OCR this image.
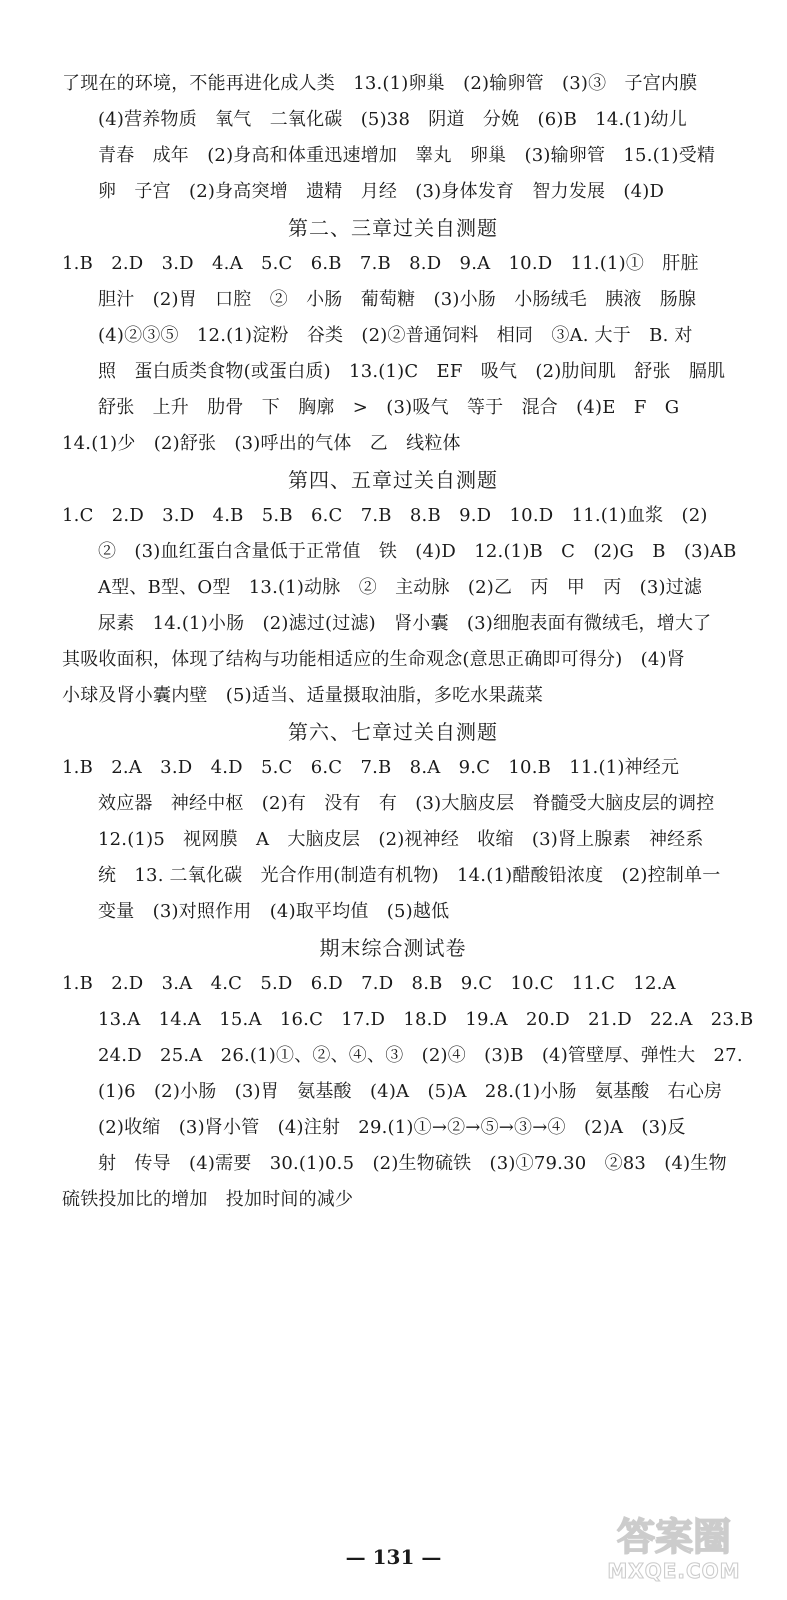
了现在的环境，不能再进化成人类　13.(1)卵巢　(2)输卵管　(3)③　子宫内膜
(4)营养物质　氧气　二氧化碳　(5)38　阴道　分娩　(6)B　14.(1)幼儿
青春　成年　(2)身高和体重迅速增加　睾丸　卵巢　(3)输卵管　15.(1)受精
卵　子宫　(2)身高突增　遗精　月经　(3)身体发育　智力发展　(4)D
第二、三章过关自测题
1.B　2.D　3.D　4.A　5.C　6.B　7.B　8.D　9.A　10.D　11.(1)①　肝脏
胆汁　(2)胃　口腔　②　小肠　葡萄糖　(3)小肠　小肠绒毛　胰液　肠腺
(4)②③⑤　12.(1)淀粉　谷类　(2)②普通饲料　相同　③A. 大于　B. 对
照　蛋白质类食物(或蛋白质)　13.(1)C　EF　吸气　(2)肋间肌　舒张　膈肌
舒张　上升　肋骨　下　胸廓　>　(3)吸气　等于　混合　(4)E　F　G
14.(1)少　(2)舒张　(3)呼出的气体　乙　线粒体
第四、五章过关自测题
1.C　2.D　3.D　4.B　5.B　6.C　7.B　8.B　9.D　10.D　11.(1)血浆　(2)
②　(3)血红蛋白含量低于正常值　铁　(4)D　12.(1)B　C　(2)G　B　(3)AB
A型、B型、O型　13.(1)动脉　②　主动脉　(2)乙　丙　甲　丙　(3)过滤
尿素　14.(1)小肠　(2)滤过(过滤)　肾小囊　(3)细胞表面有微绒毛，增大了
其吸收面积，体现了结构与功能相适应的生命观念(意思正确即可得分)　(4)肾
小球及肾小囊内壁　(5)适当、适量摄取油脂，多吃水果蔬菜
第六、七章过关自测题
1.B　2.A　3.D　4.D　5.C　6.C　7.B　8.A　9.C　10.B　11.(1)神经元
效应器　神经中枢　(2)有　没有　有　(3)大脑皮层　脊髓受大脑皮层的调控
12.(1)5　视网膜　A　大脑皮层　(2)视神经　收缩　(3)肾上腺素　神经系
统　13. 二氧化碳　光合作用(制造有机物)　14.(1)醋酸铅浓度　(2)控制单一
变量　(3)对照作用　(4)取平均值　(5)越低
期末综合测试卷
1.B　2.D　3.A　4.C　5.D　6.D　7.D　8.B　9.C　10.C　11.C　12.A
13.A　14.A　15.A　16.C　17.D　18.D　19.A　20.D　21.D　22.A　23.B
24.D　25.A　26.(1)①、②、④、③　(2)④　(3)B　(4)管壁厚、弹性大　27.
(1)6　(2)小肠　(3)胃　氨基酸　(4)A　(5)A　28.(1)小肠　氨基酸　右心房
(2)收缩　(3)肾小管　(4)注射　29.(1)①→②→⑤→③→④　(2)A　(3)反
射　传导　(4)需要　30.(1)0.5　(2)生物硫铁　(3)①79.30　②83　(4)生物
硫铁投加比的增加　投加时间的减少
— 131 —	答案圈
MXQE.COM
